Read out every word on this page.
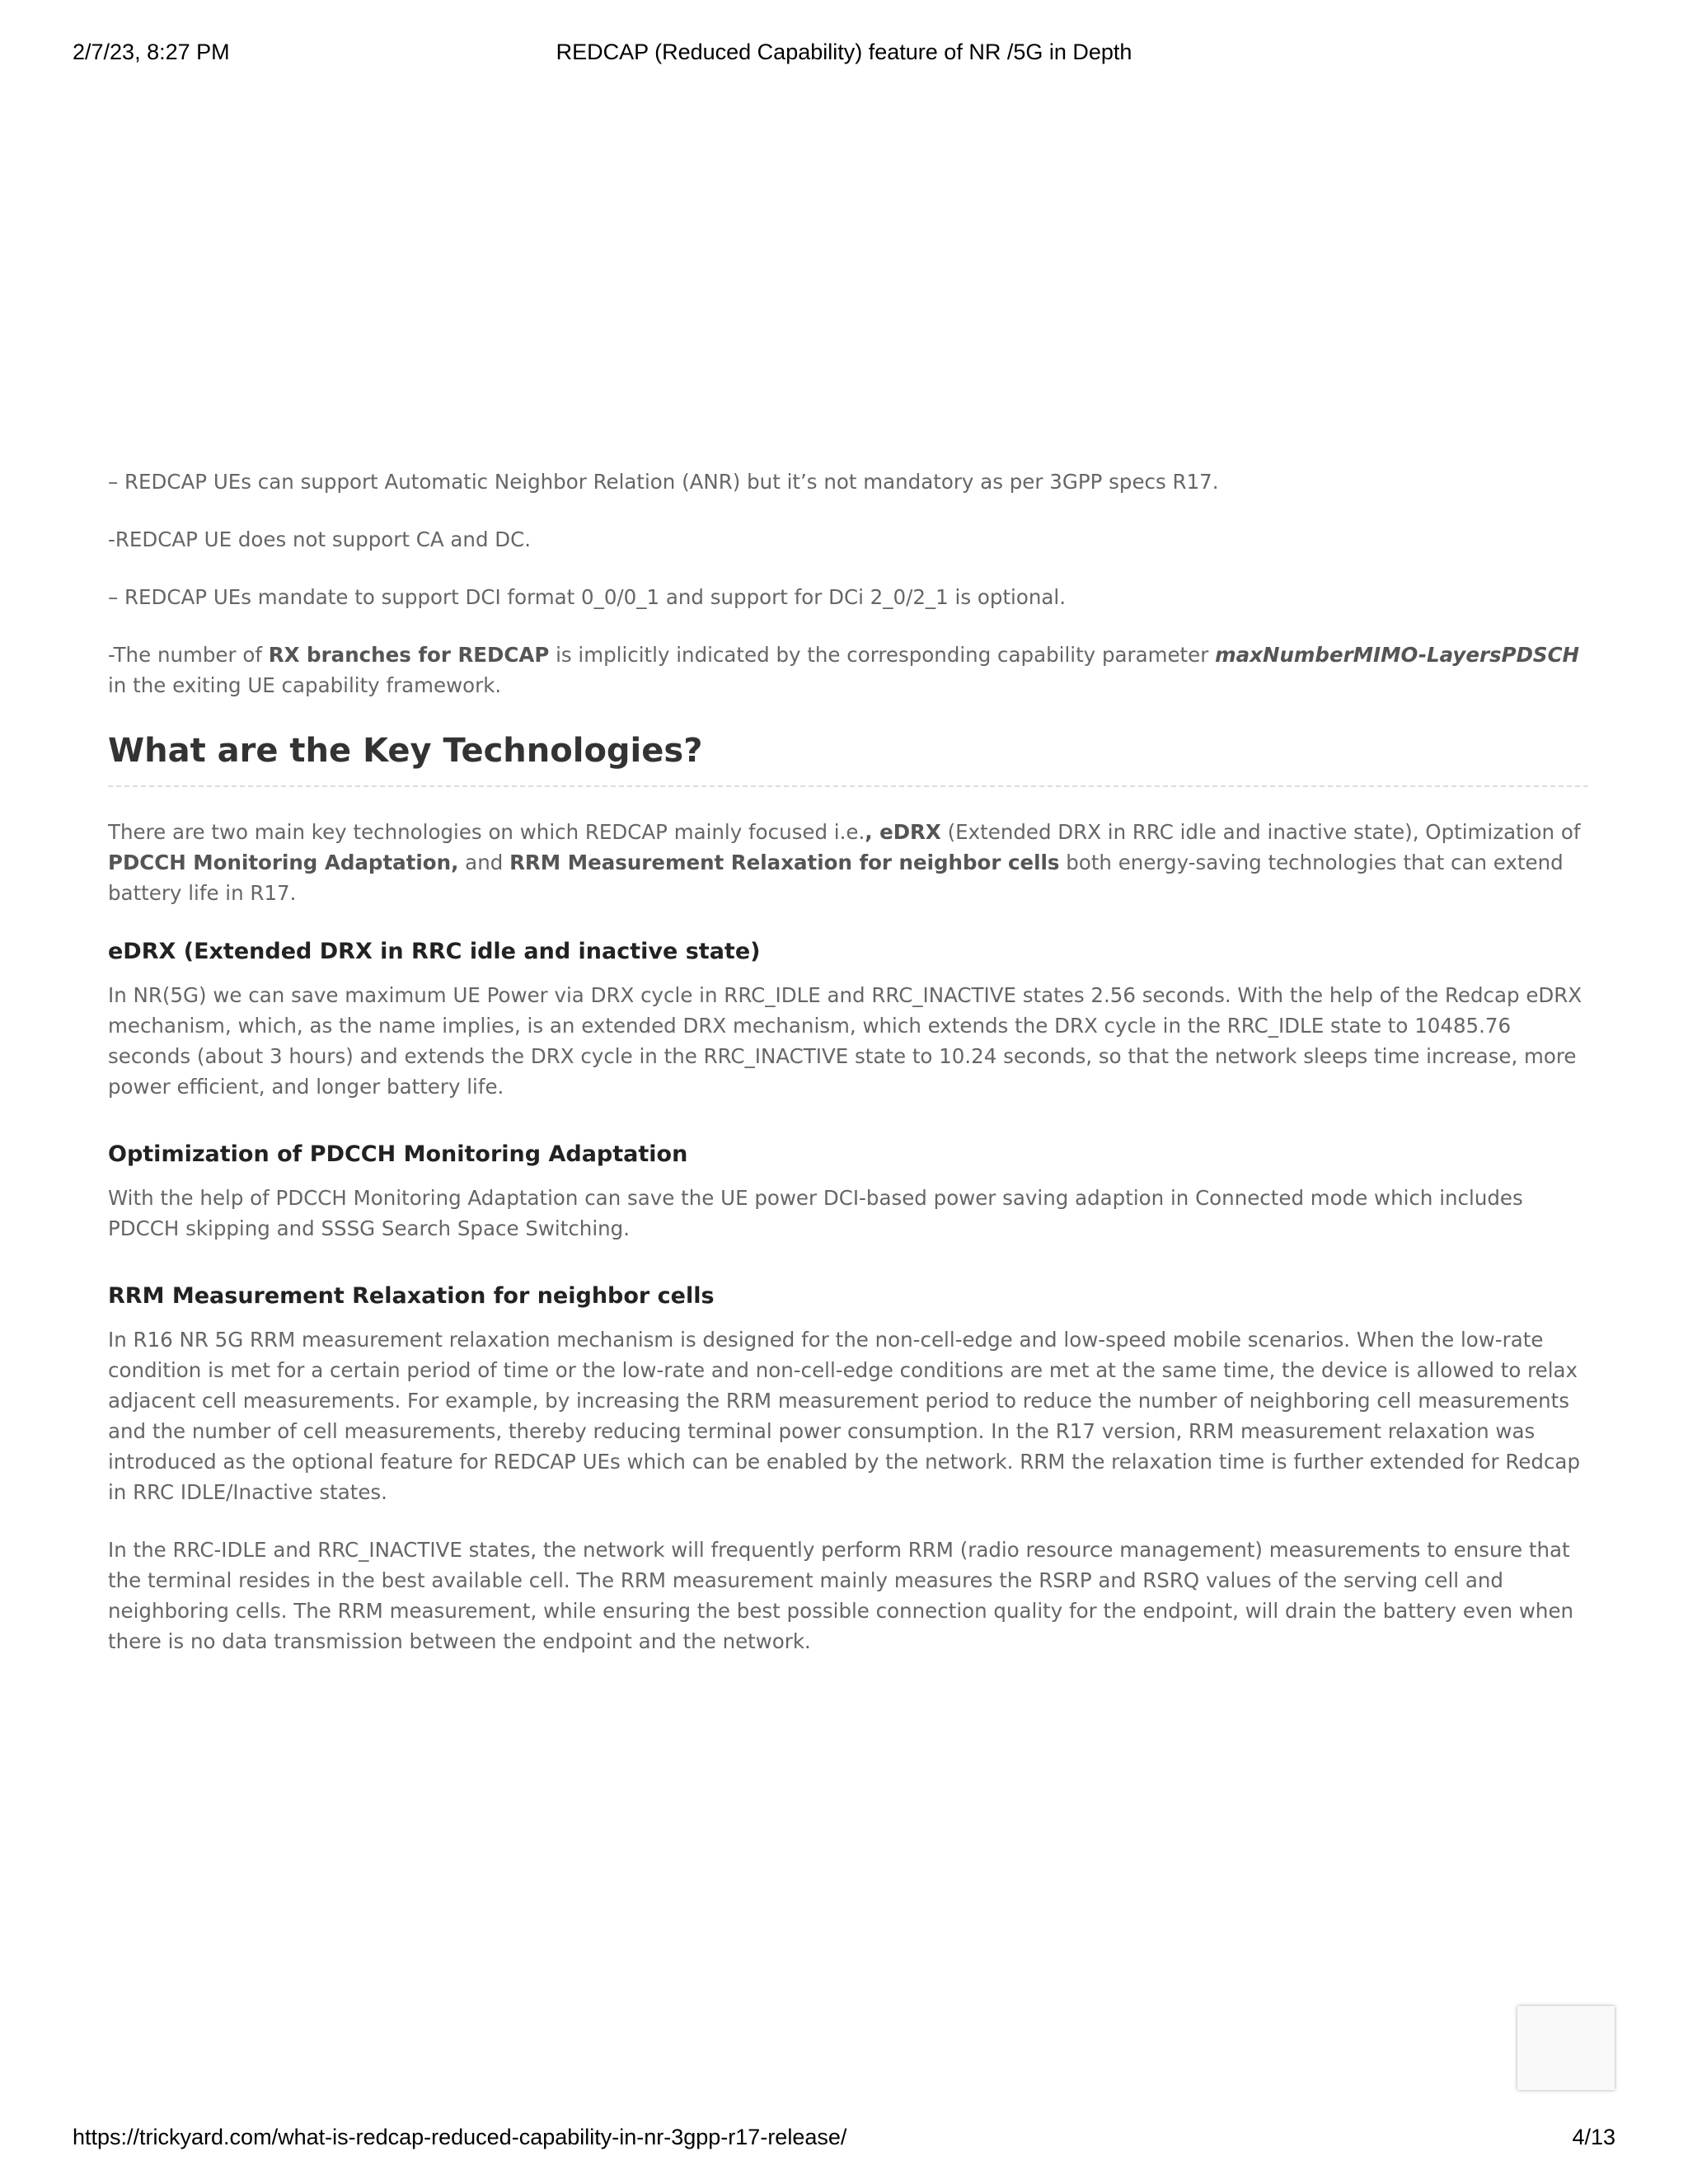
2/7/23, 8:27 PM	REDCAP (Reduced Capability) feature of NR /5G in Depth

– REDCAP UEs can support Automatic Neighbor Relation (ANR) but it’s not mandatory as per 3GPP specs R17.

-REDCAP UE does not support CA and DC.

– REDCAP UEs mandate to support DCI format 0_0/0_1 and support for DCi 2_0/2_1 is optional.

-The number of RX branches for REDCAP is implicitly indicated by the corresponding capability parameter maxNumberMIMO-LayersPDSCH in the exiting UE capability framework.

What are the Key Technologies?

There are two main key technologies on which REDCAP mainly focused i.e., eDRX (Extended DRX in RRC idle and inactive state), Optimization of PDCCH Monitoring Adaptation, and RRM Measurement Relaxation for neighbor cells both energy-saving technologies that can extend battery life in R17.

eDRX (Extended DRX in RRC idle and inactive state)

In NR(5G) we can save maximum UE Power via DRX cycle in RRC_IDLE and RRC_INACTIVE states 2.56 seconds. With the help of the Redcap eDRX mechanism, which, as the name implies, is an extended DRX mechanism, which extends the DRX cycle in the RRC_IDLE state to 10485.76 seconds (about 3 hours) and extends the DRX cycle in the RRC_INACTIVE state to 10.24 seconds, so that the network sleeps time increase, more power efficient, and longer battery life.

Optimization of PDCCH Monitoring Adaptation

With the help of PDCCH Monitoring Adaptation can save the UE power DCI-based power saving adaption in Connected mode which includes PDCCH skipping and SSSG Search Space Switching.

RRM Measurement Relaxation for neighbor cells

In R16 NR 5G RRM measurement relaxation mechanism is designed for the non-cell-edge and low-speed mobile scenarios. When the low-rate condition is met for a certain period of time or the low-rate and non-cell-edge conditions are met at the same time, the device is allowed to relax adjacent cell measurements. For example, by increasing the RRM measurement period to reduce the number of neighboring cell measurements and the number of cell measurements, thereby reducing terminal power consumption. In the R17 version, RRM measurement relaxation was introduced as the optional feature for REDCAP UEs which can be enabled by the network. RRM the relaxation time is further extended for Redcap in RRC IDLE/Inactive states.

In the RRC-IDLE and RRC_INACTIVE states, the network will frequently perform RRM (radio resource management) measurements to ensure that the terminal resides in the best available cell. The RRM measurement mainly measures the RSRP and RSRQ values of the serving cell and neighboring cells. The RRM measurement, while ensuring the best possible connection quality for the endpoint, will drain the battery even when there is no data transmission between the endpoint and the network.

https://trickyard.com/what-is-redcap-reduced-capability-in-nr-3gpp-r17-release/	4/13
